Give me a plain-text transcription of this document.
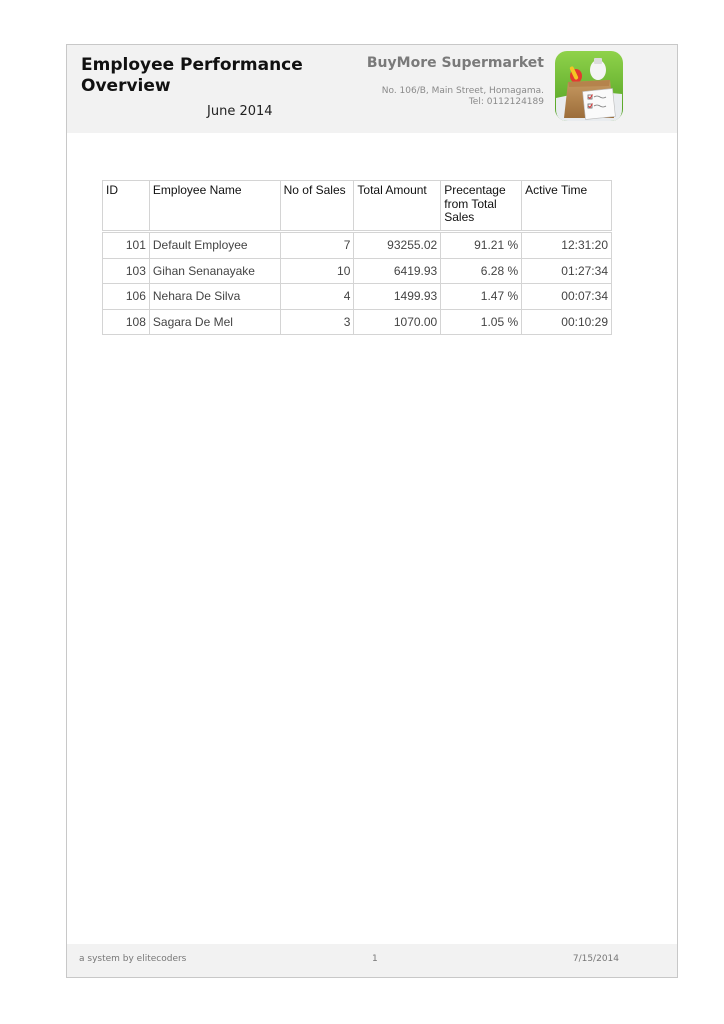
Employee Performance Overview
June 2014
BuyMore Supermarket
No. 106/B, Main Street, Homagama.
Tel: 0112124189
ID	Employee Name	No of Sales	Total Amount	Precentage from Total Sales	Active Time

101	Default Employee	7	93255.02	91.21 %	12:31:20
103	Gihan Senanayake	10	6419.93	6.28 %	01:27:34
106	Nehara De Silva	4	1499.93	1.47 %	00:07:34
108	Sagara De Mel	3	1070.00	1.05 %	00:10:29
a system by elitecoders	1	7/15/2014
